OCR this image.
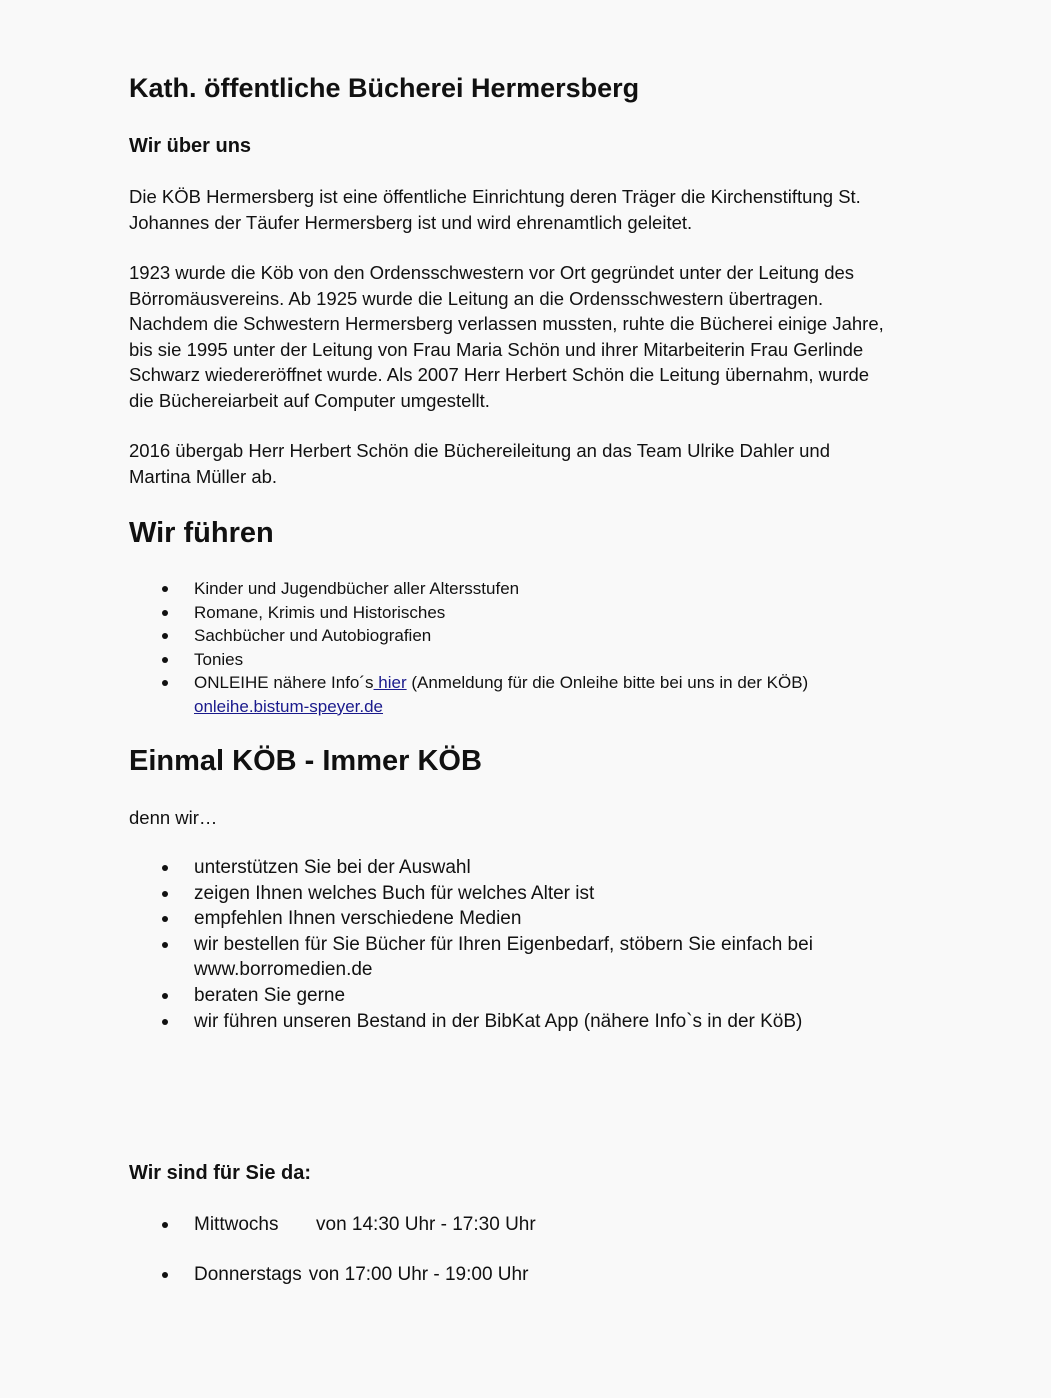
Kath. öffentliche Bücherei Hermersberg
Wir über uns
Die KÖB Hermersberg ist eine öffentliche Einrichtung deren Träger die Kirchenstiftung St.
Johannes der Täufer Hermersberg ist und wird ehrenamtlich geleitet.
1923 wurde die Köb von den Ordensschwestern vor Ort gegründet unter der Leitung des
Börromäusvereins. Ab 1925 wurde die Leitung an die Ordensschwestern übertragen.
Nachdem die Schwestern Hermersberg verlassen mussten, ruhte die Bücherei einige Jahre,
bis sie 1995 unter der Leitung von Frau Maria Schön und ihrer Mitarbeiterin Frau Gerlinde
Schwarz wiedereröffnet wurde. Als 2007 Herr Herbert Schön die Leitung übernahm, wurde
die Büchereiarbeit auf Computer umgestellt.
2016 übergab Herr Herbert Schön die Büchereileitung an das Team Ulrike Dahler und
Martina Müller ab.
Wir führen
Kinder und Jugendbücher aller Altersstufen
Romane, Krimis und Historisches
Sachbücher und Autobiografien
Tonies
ONLEIHE nähere Info´s hier (Anmeldung für die Onleihe bitte bei uns in der KÖB)
onleihe.bistum-speyer.de
Einmal KÖB - Immer KÖB
denn wir…
unterstützen Sie bei der Auswahl
zeigen Ihnen welches Buch für welches Alter ist
empfehlen Ihnen verschiedene Medien
wir bestellen für Sie Bücher für Ihren Eigenbedarf, stöbern Sie einfach bei
www.borromedien.de
beraten Sie gerne
wir führen unseren Bestand in der BibKat App (nähere Info`s in der KöB)
Wir sind für Sie da:
Mittwochs von 14:30 Uhr - 17:30 Uhr
Donnerstags von 17:00 Uhr - 19:00 Uhr
